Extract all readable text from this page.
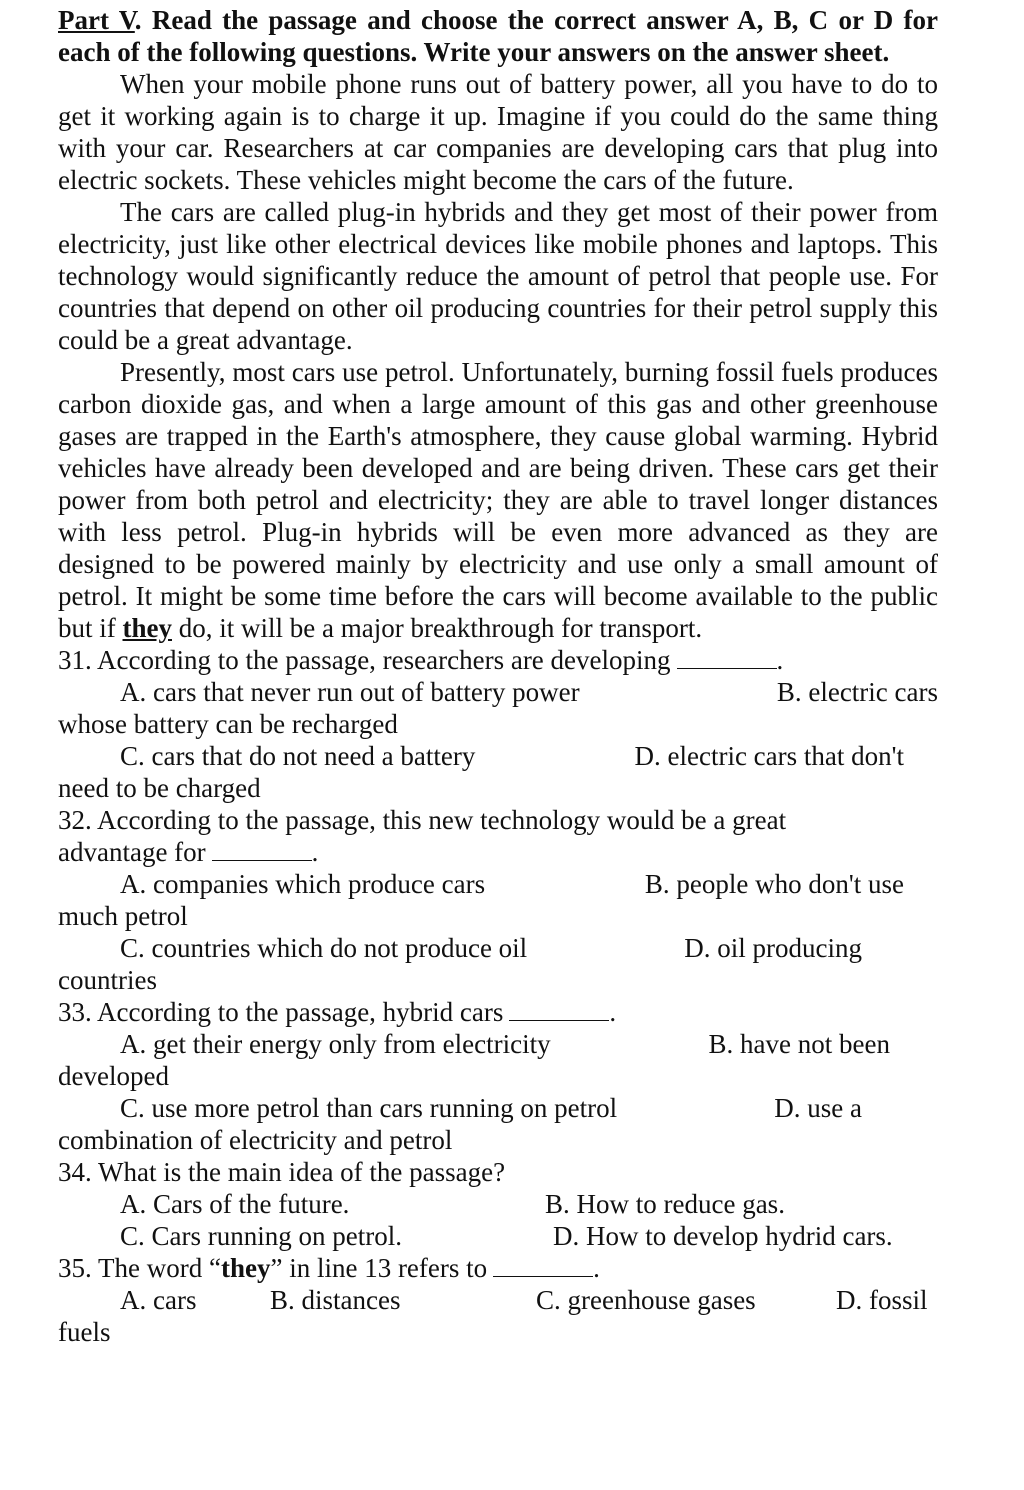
Part V. Read the passage and choose the correct answer A, B, C or D for each of the following questions. Write your answers on the answer sheet.

When your mobile phone runs out of battery power, all you have to do to get it working again is to charge it up. Imagine if you could do the same thing with your car. Researchers at car companies are developing cars that plug into electric sockets. These vehicles might become the cars of the future.

The cars are called plug-in hybrids and they get most of their power from electricity, just like other electrical devices like mobile phones and laptops. This technology would significantly reduce the amount of petrol that people use. For countries that depend on other oil producing countries for their petrol supply this could be a great advantage.

Presently, most cars use petrol. Unfortunately, burning fossil fuels produces carbon dioxide gas, and when a large amount of this gas and other greenhouse gases are trapped in the Earth's atmosphere, they cause global warming. Hybrid vehicles have already been developed and are being driven. These cars get their power from both petrol and electricity; they are able to travel longer distances with less petrol. Plug-in hybrids will be even more advanced as they are designed to be powered mainly by electricity and use only a small amount of petrol. It might be some time before the cars will become available to the public but if they do, it will be a major breakthrough for transport.

31. According to the passage, researchers are developing	.
A. cars that never run out of battery power	B. electric cars
whose battery can be recharged
C. cars that do not need a battery	D. electric cars that don't
need to be charged
32. According to the passage, this new technology would be a great
advantage for	.
A. companies which produce cars	B. people who don't use
much petrol
C. countries which do not produce oil	D. oil producing
countries
33. According to the passage, hybrid cars	.
A. get their energy only from electricity	B. have not been
developed
C. use more petrol than cars running on petrol	D. use a
combination of electricity and petrol
34. What is the main idea of the passage?
A. Cars of the future.	B. How to reduce gas.
C. Cars running on petrol.	D. How to develop hydrid cars.
35. The word “they” in line 13 refers to	.
A. cars	B. distances	C. greenhouse gases	D. fossil
fuels
